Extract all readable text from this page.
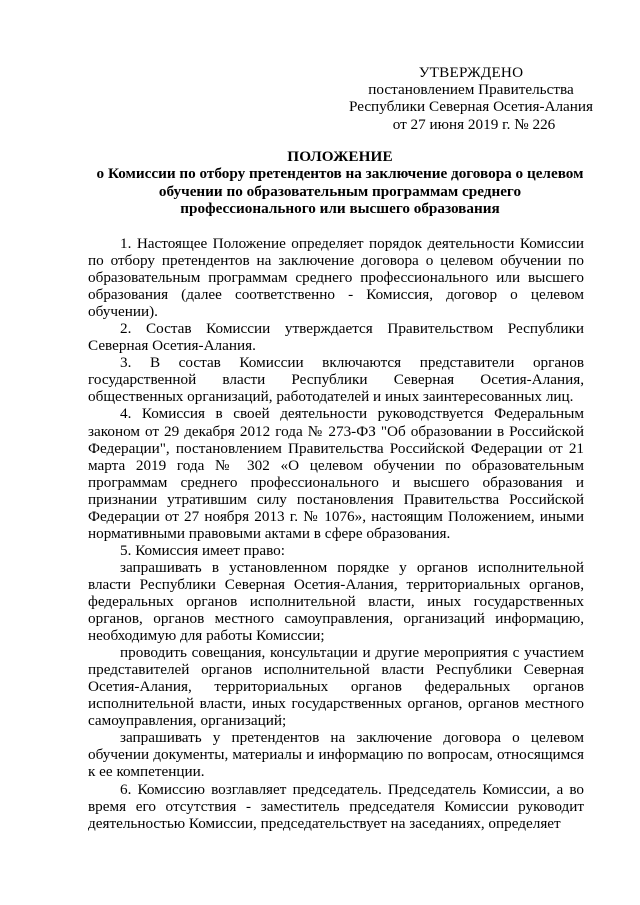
УТВЕРЖДЕНО
постановлением Правительства
Республики Северная Осетия-Алания
от 27 июня 2019 г. № 226
ПОЛОЖЕНИЕ
о Комиссии по отбору претендентов на заключение договора о целевом
обучении по образовательным программам среднего
профессионального или высшего образования

1. Настоящее Положение определяет порядок деятельности Комиссии по отбору претендентов на заключение договора о целевом обучении по образовательным программам среднего профессионального или высшего образования (далее соответственно - Комиссия, договор о целевом обучении).

2. Состав Комиссии утверждается Правительством Республики Северная Осетия-Алания.

3. В состав Комиссии включаются представители органов государственной власти Республики Северная Осетия-Алания, общественных организаций, работодателей и иных заинтересованных лиц.

4. Комиссия в своей деятельности руководствуется Федеральным законом от 29 декабря 2012 года № 273-ФЗ "Об образовании в Российской Федерации", постановлением Правительства Российской Федерации от 21 марта 2019 года № 302 «О целевом обучении по образовательным программам среднего профессионального и высшего образования и признании утратившим силу постановления Правительства Российской Федерации от 27 ноября 2013 г. № 1076», настоящим Положением, иными нормативными правовыми актами в сфере образования.

5. Комиссия имеет право:

запрашивать в установленном порядке у органов исполнительной власти Республики Северная Осетия-Алания, территориальных органов, федеральных органов исполнительной власти, иных государственных органов, органов местного самоуправления, организаций информацию, необходимую для работы Комиссии;

проводить совещания, консультации и другие мероприятия с участием представителей органов исполнительной власти Республики Северная Осетия-Алания, территориальных органов федеральных органов исполнительной власти, иных государственных органов, органов местного самоуправления, организаций;

запрашивать у претендентов на заключение договора о целевом обучении документы, материалы и информацию по вопросам, относящимся к ее компетенции.

6. Комиссию возглавляет председатель. Председатель Комиссии, а во время его отсутствия - заместитель председателя Комиссии руководит деятельностью Комиссии, председательствует на заседаниях, определяет
